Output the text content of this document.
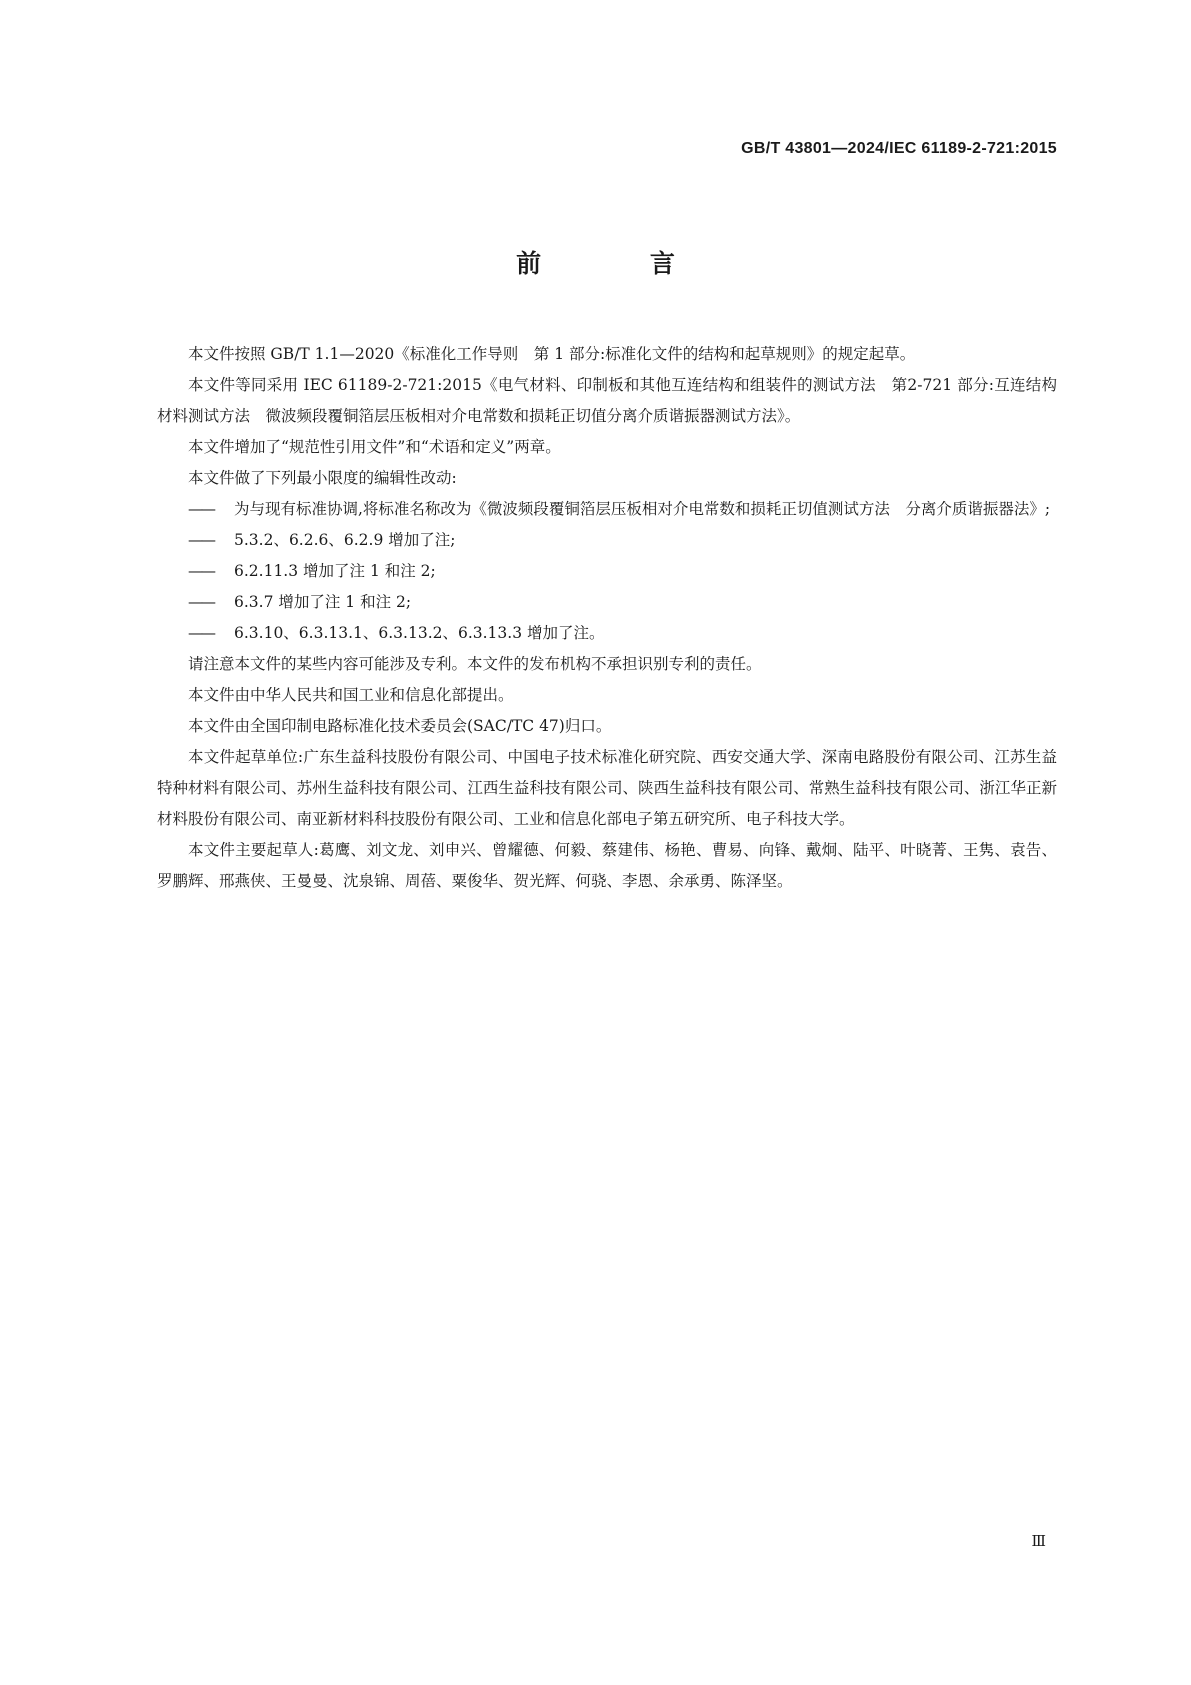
GB/T 43801—2024/IEC 61189-2-721:2015
前 言

本文件按照 GB/T 1.1—2020《标准化工作导则　第 1 部分:标准化文件的结构和起草规则》的规定起草。

本文件等同采用 IEC 61189-2-721:2015《电气材料、印制板和其他互连结构和组装件的测试方法　第2-721 部分:互连结构材料测试方法　微波频段覆铜箔层压板相对介电常数和损耗正切值分离介质谐振器测试方法》。

本文件增加了“规范性引用文件”和“术语和定义”两章。

本文件做了下列最小限度的编辑性改动:

——	为与现有标准协调,将标准名称改为《微波频段覆铜箔层压板相对介电常数和损耗正切值测试方法　分离介质谐振器法》;
——	5.3.2、6.2.6、6.2.9 增加了注;
——	6.2.11.3 增加了注 1 和注 2;
——	6.3.7 增加了注 1 和注 2;
——	6.3.10、6.3.13.1、6.3.13.2、6.3.13.3 增加了注。

请注意本文件的某些内容可能涉及专利。本文件的发布机构不承担识别专利的责任。

本文件由中华人民共和国工业和信息化部提出。

本文件由全国印制电路标准化技术委员会(SAC/TC 47)归口。

本文件起草单位:广东生益科技股份有限公司、中国电子技术标准化研究院、西安交通大学、深南电路股份有限公司、江苏生益特种材料有限公司、苏州生益科技有限公司、江西生益科技有限公司、陕西生益科技有限公司、常熟生益科技有限公司、浙江华正新材料股份有限公司、南亚新材料科技股份有限公司、工业和信息化部电子第五研究所、电子科技大学。

本文件主要起草人:葛鹰、刘文龙、刘申兴、曾耀德、何毅、蔡建伟、杨艳、曹易、向锋、戴炯、陆平、叶晓菁、王隽、袁告、罗鹏辉、邢燕侠、王曼曼、沈泉锦、周蓓、粟俊华、贺光辉、何骁、李恩、余承勇、陈泽坚。

Ⅲ
